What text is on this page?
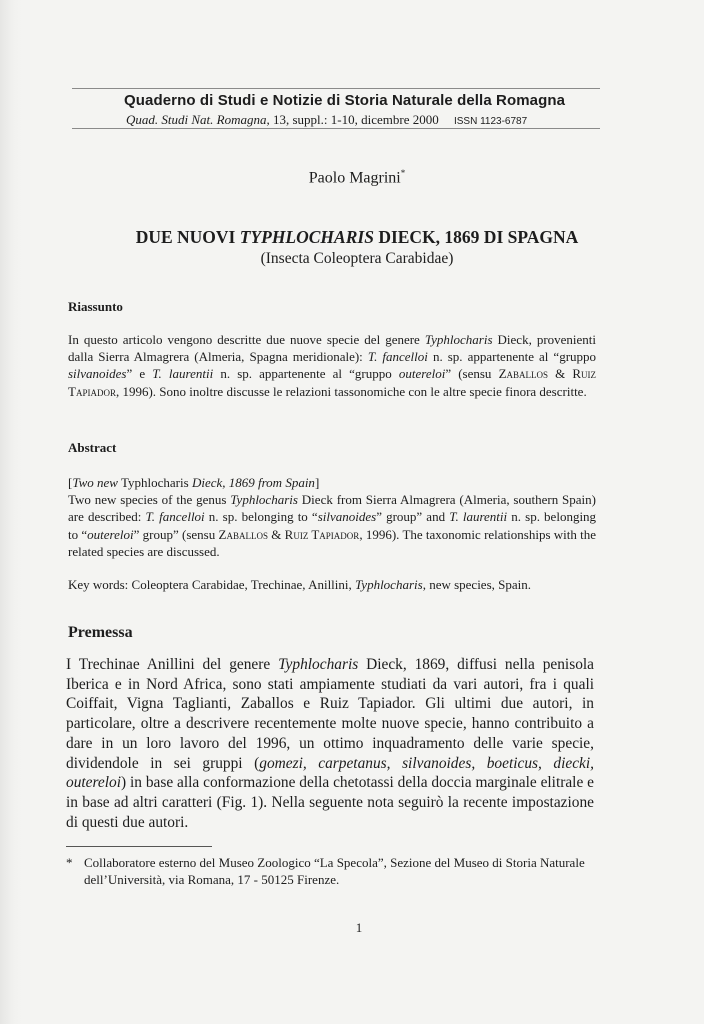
Quaderno di Studi e Notizie di Storia Naturale della Romagna
Quad. Studi Nat. Romagna, 13, suppl.: 1-10, dicembre 2000 ISSN 1123-6787
Paolo Magrini*
DUE NUOVI TYPHLOCHARIS DIECK, 1869 DI SPAGNA
(Insecta Coleoptera Carabidae)
Riassunto
In questo articolo vengono descritte due nuove specie del genere Typhlocharis Dieck, provenienti dalla Sierra Almagrera (Almeria, Spagna meridionale): T. fancelloi n. sp. appartenente al “gruppo silvanoides” e T. laurentii n. sp. appartenente al “gruppo outereloi” (sensu Zaballos & Ruiz Tapiador, 1996). Sono inoltre discusse le relazioni tassonomiche con le altre specie finora descritte.
Abstract
[Two new Typhlocharis Dieck, 1869 from Spain]
Two new species of the genus Typhlocharis Dieck from Sierra Almagrera (Almeria, southern Spain) are described: T. fancelloi n. sp. belonging to “silvanoides” group” and T. laurentii n. sp. belonging to “outereloi” group” (sensu Zaballos & Ruiz Tapiador, 1996). The taxonomic relationships with the related species are discussed.
Key words: Coleoptera Carabidae, Trechinae, Anillini, Typhlocharis, new species, Spain.
Premessa
I Trechinae Anillini del genere Typhlocharis Dieck, 1869, diffusi nella penisola Iberica e in Nord Africa, sono stati ampiamente studiati da vari autori, fra i quali Coiffait, Vigna Taglianti, Zaballos e Ruiz Tapiador. Gli ultimi due autori, in particolare, oltre a descrivere recentemente molte nuove specie, hanno contribuito a dare in un loro lavoro del 1996, un ottimo inquadramento delle varie specie, dividendole in sei gruppi (gomezi, carpetanus, silvanoides, boeticus, diecki, outereloi) in base alla conformazione della chetotassi della doccia marginale elitrale e in base ad altri caratteri (Fig. 1). Nella seguente nota seguirò la recente impostazione di questi due autori.
* Collaboratore esterno del Museo Zoologico “La Specola”, Sezione del Museo di Storia Naturale dell’Università, via Romana, 17 - 50125 Firenze.
1
